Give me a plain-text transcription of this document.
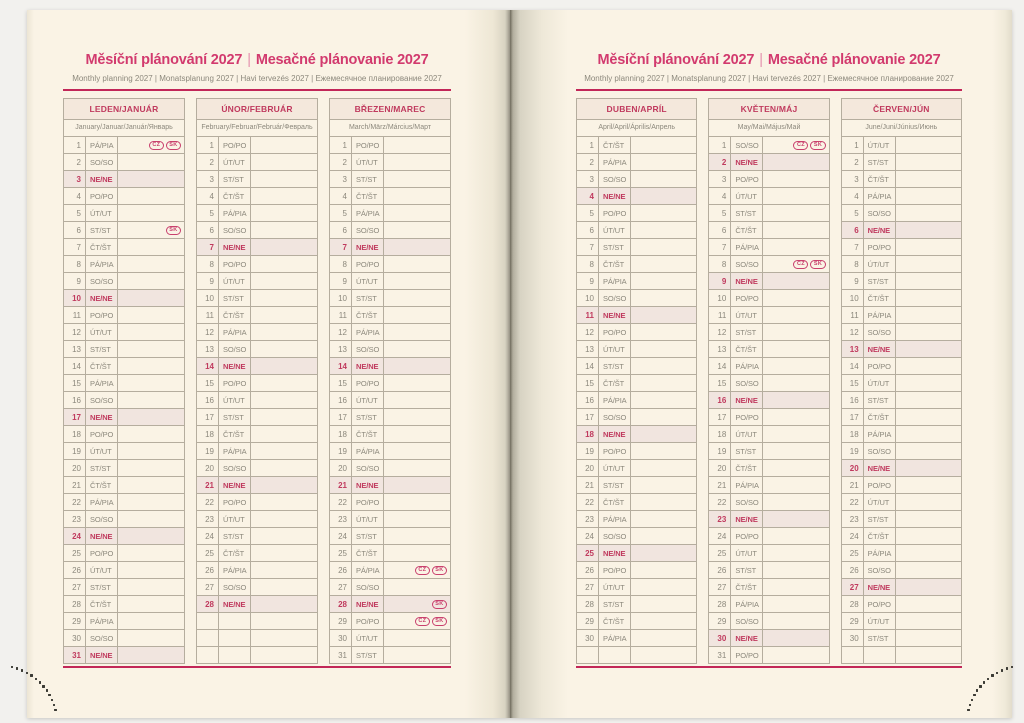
Měsíční plánování 2027 | Mesačné plánovanie 2027
Monthly planning 2027 | Monatsplanung 2027 | Havi tervezés 2027 | Ежемесячное планирование 2027
LEDEN/JANUÁR
January/Januar/Január/Январь
1	PÁ/PIA	CZ SK
2	SO/SO	
3	NE/NE	
4	PO/PO	
5	ÚT/UT	
6	ST/ST	SK
7	ČT/ŠT	
8	PÁ/PIA	
9	SO/SO	
10	NE/NE	
11	PO/PO	
12	ÚT/UT	
13	ST/ST	
14	ČT/ŠT	
15	PÁ/PIA	
16	SO/SO	
17	NE/NE	
18	PO/PO	
19	ÚT/UT	
20	ST/ST	
21	ČT/ŠT	
22	PÁ/PIA	
23	SO/SO	
24	NE/NE	
25	PO/PO	
26	ÚT/UT	
27	ST/ST	
28	ČT/ŠT	
29	PÁ/PIA	
30	SO/SO	
31	NE/NE	
ÚNOR/FEBRUÁR
February/Februar/Február/Февраль
1	PO/PO	
2	ÚT/UT	
3	ST/ST	
4	ČT/ŠT	
5	PÁ/PIA	
6	SO/SO	
7	NE/NE	
8	PO/PO	
9	ÚT/UT	
10	ST/ST	
11	ČT/ŠT	
12	PÁ/PIA	
13	SO/SO	
14	NE/NE	
15	PO/PO	
16	ÚT/UT	
17	ST/ST	
18	ČT/ŠT	
19	PÁ/PIA	
20	SO/SO	
21	NE/NE	
22	PO/PO	
23	ÚT/UT	
24	ST/ST	
25	ČT/ŠT	
26	PÁ/PIA	
27	SO/SO	
28	NE/NE	

BŘEZEN/MAREC
March/März/Március/Март
1	PO/PO	
2	ÚT/UT	
3	ST/ST	
4	ČT/ŠT	
5	PÁ/PIA	
6	SO/SO	
7	NE/NE	
8	PO/PO	
9	ÚT/UT	
10	ST/ST	
11	ČT/ŠT	
12	PÁ/PIA	
13	SO/SO	
14	NE/NE	
15	PO/PO	
16	ÚT/UT	
17	ST/ST	
18	ČT/ŠT	
19	PÁ/PIA	
20	SO/SO	
21	NE/NE	
22	PO/PO	
23	ÚT/UT	
24	ST/ST	
25	ČT/ŠT	
26	PÁ/PIA	CZ SK
27	SO/SO	
28	NE/NE	SK
29	PO/PO	CZ SK
30	ÚT/UT	
31	ST/ST	
Měsíční plánování 2027 | Mesačné plánovanie 2027
Monthly planning 2027 | Monatsplanung 2027 | Havi tervezés 2027 | Ежемесячное планирование 2027
DUBEN/APRÍL
April/April/Április/Апрель
1	ČT/ŠT	
2	PÁ/PIA	
3	SO/SO	
4	NE/NE	
5	PO/PO	
6	ÚT/UT	
7	ST/ST	
8	ČT/ŠT	
9	PÁ/PIA	
10	SO/SO	
11	NE/NE	
12	PO/PO	
13	ÚT/UT	
14	ST/ST	
15	ČT/ŠT	
16	PÁ/PIA	
17	SO/SO	
18	NE/NE	
19	PO/PO	
20	ÚT/UT	
21	ST/ST	
22	ČT/ŠT	
23	PÁ/PIA	
24	SO/SO	
25	NE/NE	
26	PO/PO	
27	ÚT/UT	
28	ST/ST	
29	ČT/ŠT	
30	PÁ/PIA	

KVĚTEN/MÁJ
May/Mai/Május/Май
1	SO/SO	CZ SK
2	NE/NE	
3	PO/PO	
4	ÚT/UT	
5	ST/ST	
6	ČT/ŠT	
7	PÁ/PIA	
8	SO/SO	CZ SK
9	NE/NE	
10	PO/PO	
11	ÚT/UT	
12	ST/ST	
13	ČT/ŠT	
14	PÁ/PIA	
15	SO/SO	
16	NE/NE	
17	PO/PO	
18	ÚT/UT	
19	ST/ST	
20	ČT/ŠT	
21	PÁ/PIA	
22	SO/SO	
23	NE/NE	
24	PO/PO	
25	ÚT/UT	
26	ST/ST	
27	ČT/ŠT	
28	PÁ/PIA	
29	SO/SO	
30	NE/NE	
31	PO/PO	
ČERVEN/JÚN
June/Juni/Június/Июнь
1	ÚT/UT	
2	ST/ST	
3	ČT/ŠT	
4	PÁ/PIA	
5	SO/SO	
6	NE/NE	
7	PO/PO	
8	ÚT/UT	
9	ST/ST	
10	ČT/ŠT	
11	PÁ/PIA	
12	SO/SO	
13	NE/NE	
14	PO/PO	
15	ÚT/UT	
16	ST/ST	
17	ČT/ŠT	
18	PÁ/PIA	
19	SO/SO	
20	NE/NE	
21	PO/PO	
22	ÚT/UT	
23	ST/ST	
24	ČT/ŠT	
25	PÁ/PIA	
26	SO/SO	
27	NE/NE	
28	PO/PO	
29	ÚT/UT	
30	ST/ST	
